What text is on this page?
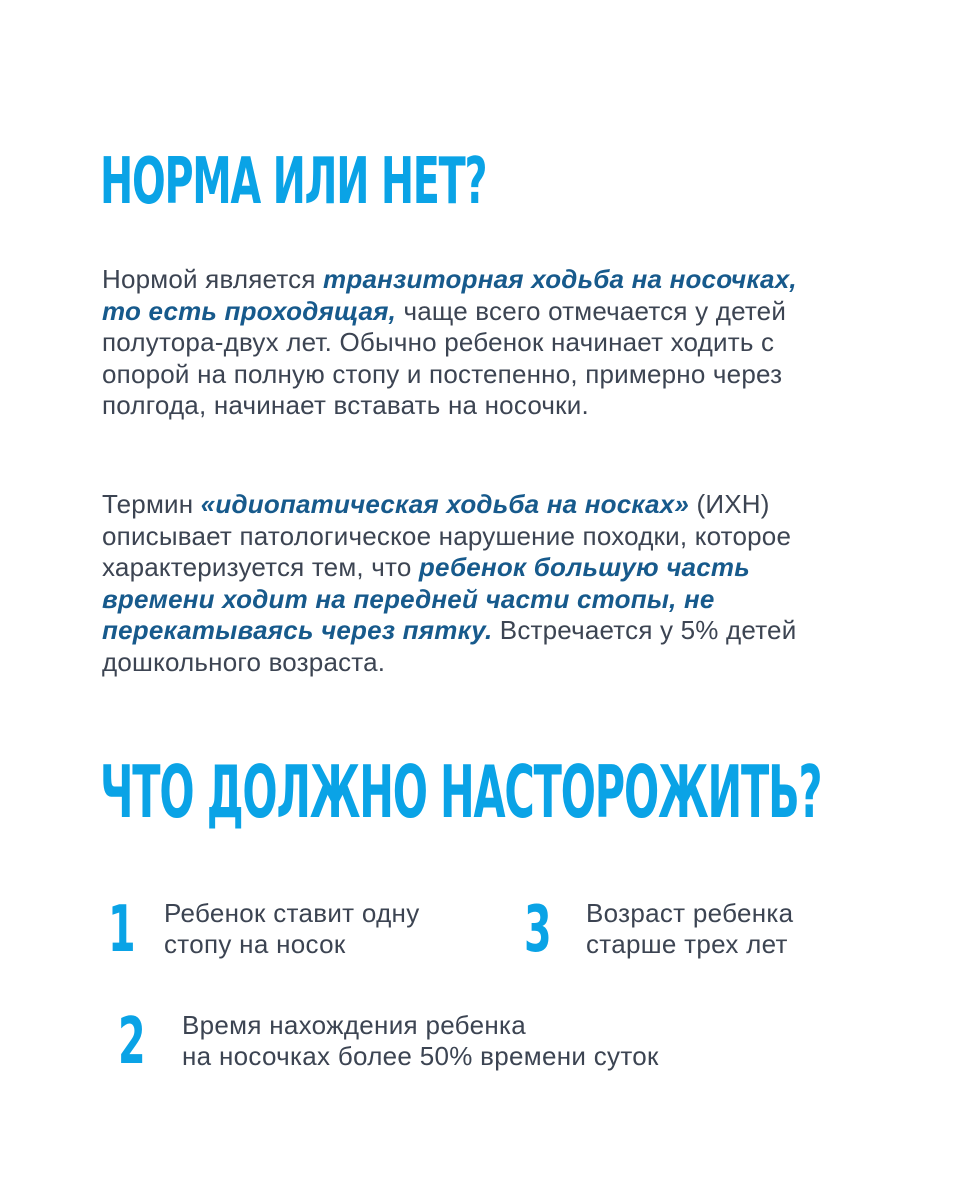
НОРМА ИЛИ НЕТ?

Нормой является транзиторная ходьба на носочках, то есть проходящая, чаще всего отмечается у детей полутора-двух лет. Обычно ребенок начинает ходить с опорой на полную стопу и постепенно, примерно через полгода, начинает вставать на носочки.

Термин «идиопатическая ходьба на носках» (ИХН) описывает патологическое нарушение походки, которое характеризуется тем, что ребенок большую часть времени ходит на передней части стопы, не перекатываясь через пятку. Встречается у 5% детей дошкольного возраста.

ЧТО ДОЛЖНО НАСТОРОЖИТЬ?
1 Ребенок ставит одну
стопу на носок	3 Возраст ребенка
старше трех лет
2 Время нахождения ребенка
на носочках более 50% времени суток
